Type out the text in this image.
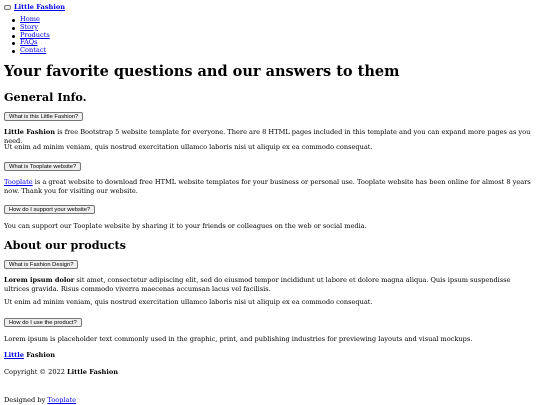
Little Fashion
Home
Story
Products
FAQs
Contact
Your favorite questions and our answers to them
General Info.
What is this Little Fashion?

Little Fashion is free Bootstrap 5 website template for everyone. There are 8 HTML pages included in this template and you can expand more pages as you need.

Ut enim ad minim veniam, quis nostrud exercitation ullamco laboris nisi ut aliquip ex ea commodo consequat.

What is Tooplate website?

Tooplate is a great website to download free HTML website templates for your business or personal use. Tooplate website has been online for almost 8 years now. Thank you for visiting our website.

How do I support your website?

You can support our Tooplate website by sharing it to your friends or colleagues on the web or social media.

About our products
What is Fashion Design?

Lorem ipsum dolor sit amet, consectetur adipiscing elit, sed do eiusmod tempor incididunt ut labore et dolore magna aliqua. Quis ipsum suspendisse ultrices gravida. Risus commodo viverra maecenas accumsan lacus vel facilisis.

Ut enim ad minim veniam, quis nostrud exercitation ullamco laboris nisi ut aliquip ex ea commodo consequat.

How do I use the product?

Lorem ipsum is placeholder text commonly used in the graphic, print, and publishing industries for previewing layouts and visual mockups.

Little Fashion

Copyright © 2022 Little Fashion

Designed by Tooplate
